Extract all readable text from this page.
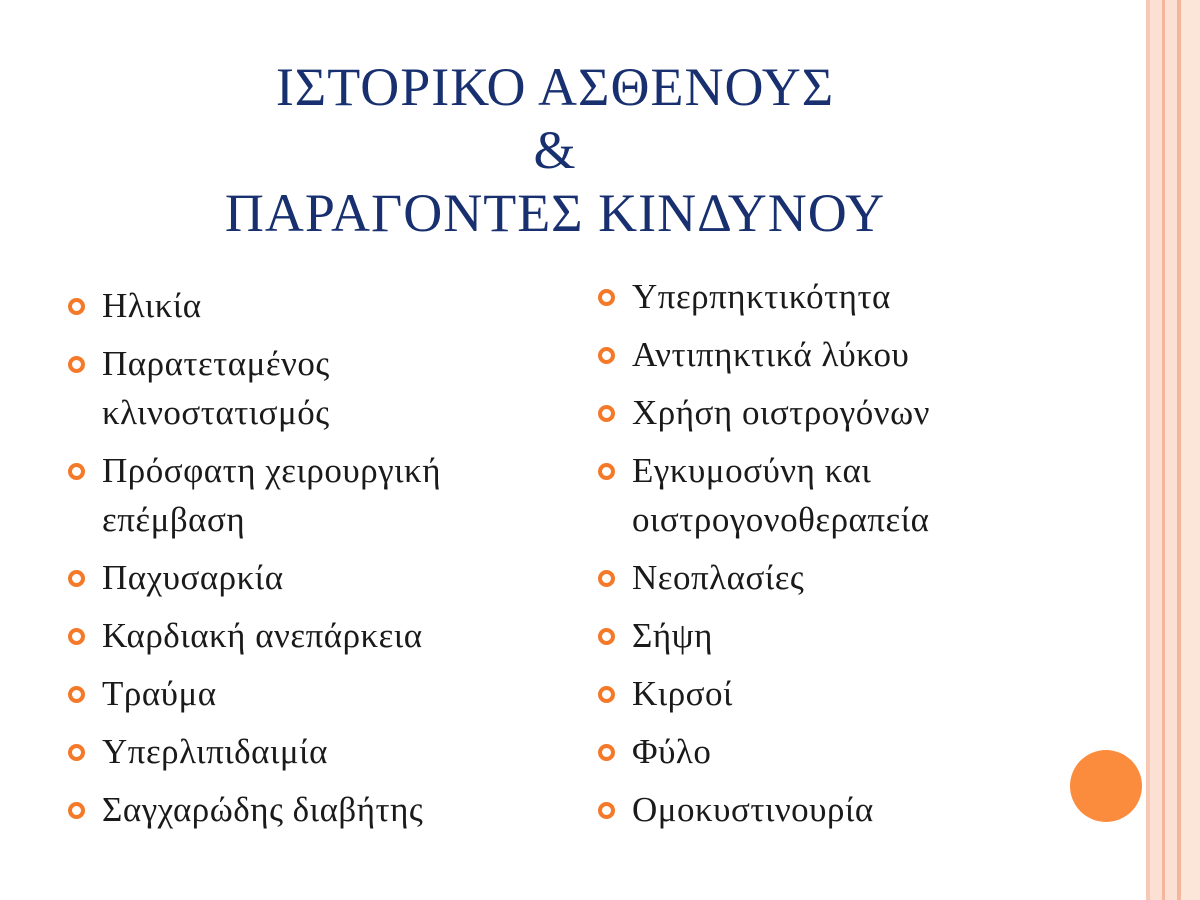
ΙΣΤΟΡΙΚΟ ΑΣΘΕΝΟΥΣ
&
ΠΑΡΑΓΟΝΤΕΣ ΚΙΝΔΥΝΟΥ
Ηλικία
Παρατεταμένος κλινοστατισμός
Πρόσφατη χειρουργική επέμβαση
Παχυσαρκία
Καρδιακή ανεπάρκεια
Τραύμα
Υπερλιπιδαιμία
Σαγχαρώδης διαβήτης
Υπερπηκτικότητα
Αντιπηκτικά λύκου
Χρήση οιστρογόνων
Εγκυμοσύνη και οιστρογονοθεραπεία
Νεοπλασίες
Σήψη
Κιρσοί
Φύλο
Ομοκυστινουρία
